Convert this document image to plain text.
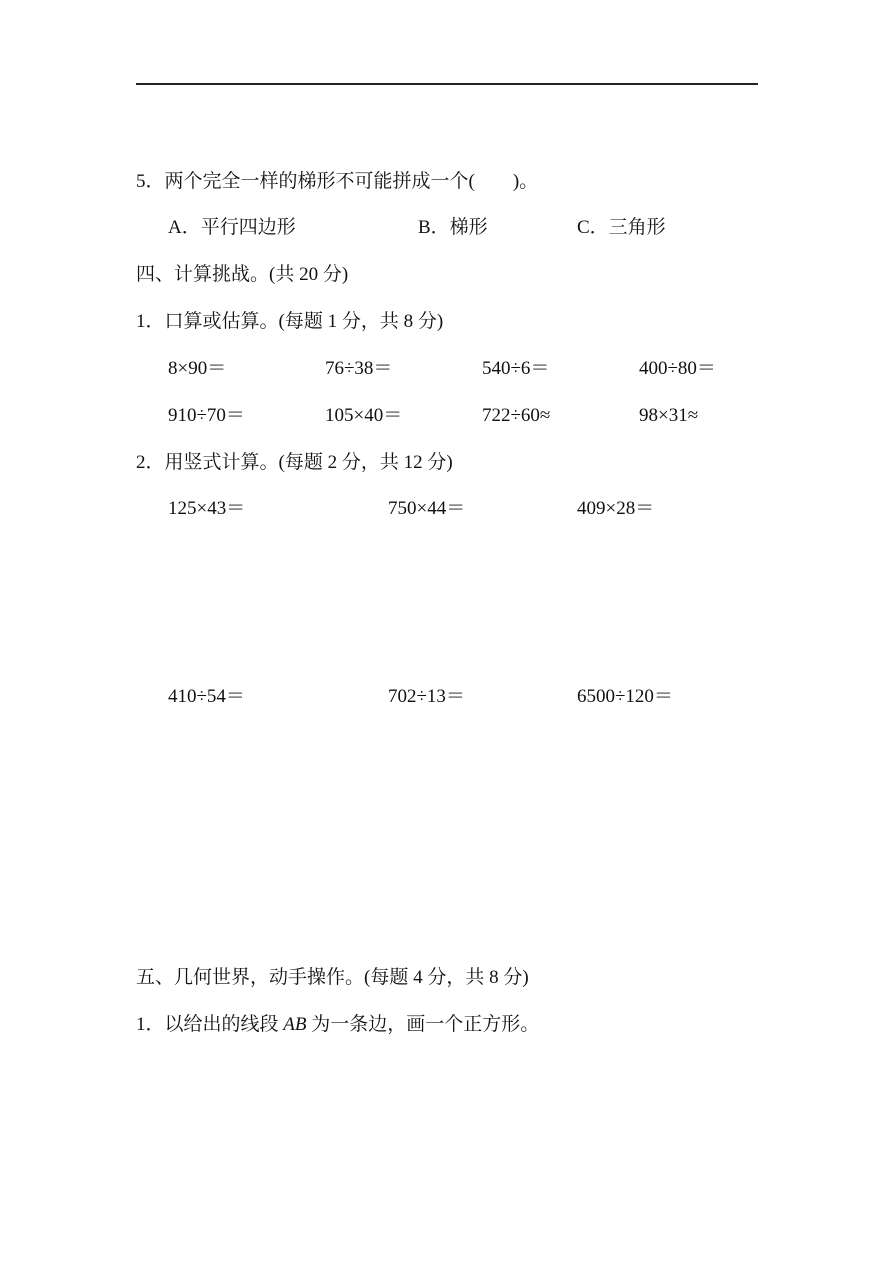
5．两个完全一样的梯形不可能拼成一个(　　)。
A．平行四边形	B．梯形	C．三角形
四、计算挑战。(共 20 分)
1．口算或估算。(每题 1 分，共 8 分)
8×90＝	76÷38＝	540÷6＝	400÷80＝
910÷70＝	105×40＝	722÷60≈	98×31≈
2．用竖式计算。(每题 2 分，共 12 分)
125×43＝	750×44＝	409×28＝
410÷54＝	702÷13＝	6500÷120＝
五、几何世界，动手操作。(每题 4 分，共 8 分)
1．以给出的线段 AB 为一条边，画一个正方形。
